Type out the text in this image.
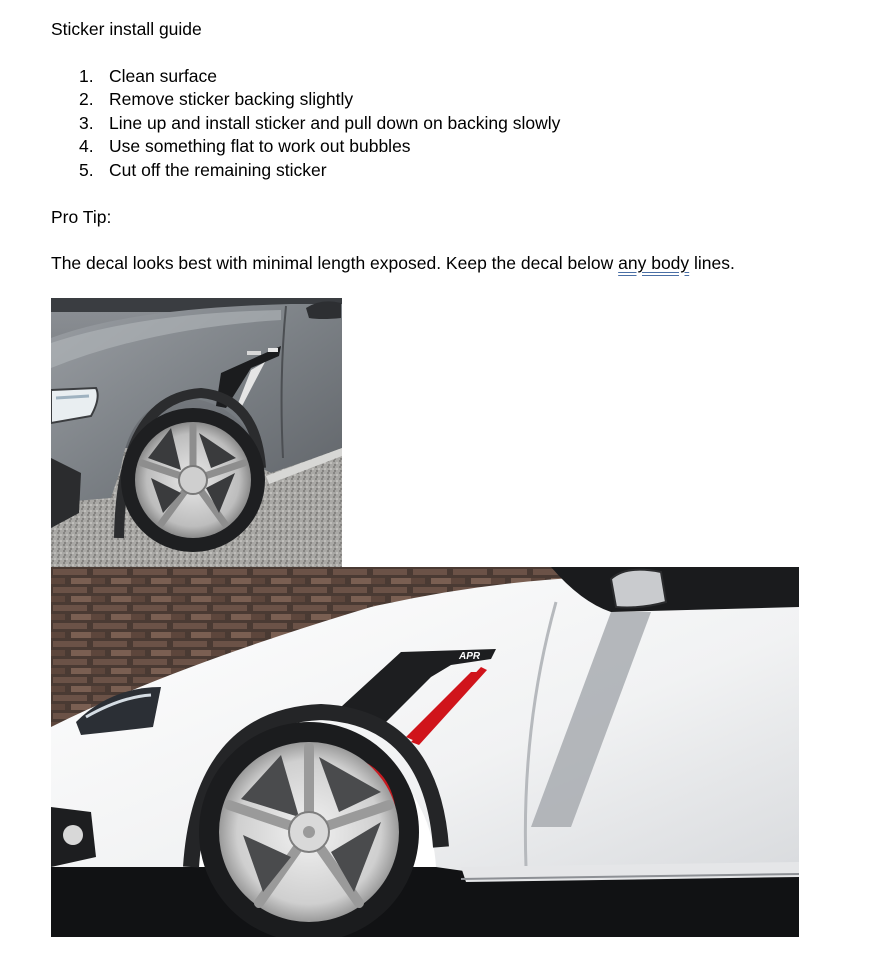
Sticker install guide
1. Clean surface
2. Remove sticker backing slightly
3. Line up and install sticker and pull down on backing slowly
4. Use something flat to work out bubbles
5. Cut off the remaining sticker
Pro Tip:
The decal looks best with minimal length exposed. Keep the decal below any body lines.
APR
